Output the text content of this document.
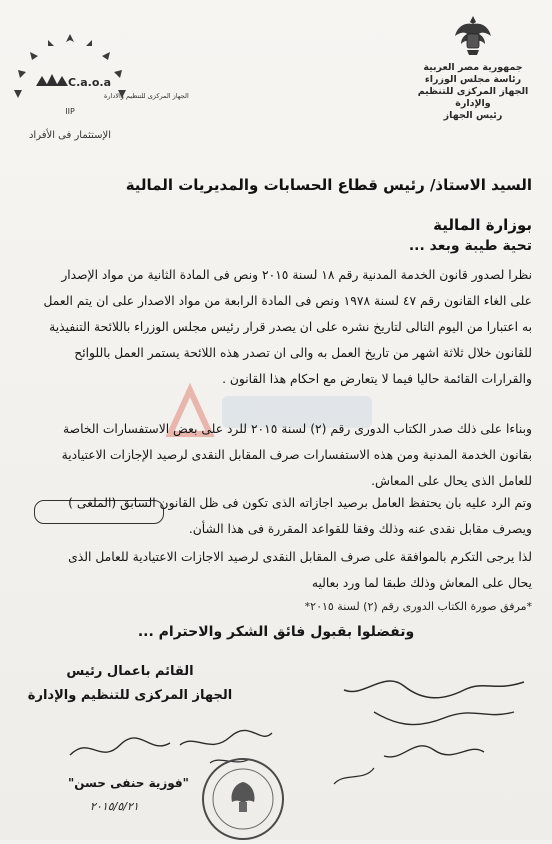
جمهورية مصر العربية
رئاسة مجلس الوزراء
الجهاز المركزى للتنظيم والإدارة
رئيس الجهاز
C.a.o.a
الجهاز المركزى للتنظيم والادارة
IIP
الإستثمار فى الأفراد
السيد الاستاذ/ رئيس قطاع الحسابات والمديريات المالية
بوزارة المالية
تحية طيبة وبعد ...
نظرا لصدور قانون الخدمة المدنية رقم ١٨ لسنة ٢٠١٥ ونص فى المادة الثانية من مواد الإصدار
على الغاء القانون رقم ٤٧ لسنة ١٩٧٨ ونص فى المادة الرابعة من مواد الاصدار على ان يتم العمل
به اعتبارا من اليوم التالى لتاريخ نشره على ان يصدر قرار رئيس مجلس الوزراء باللائحة التنفيذية
للقانون خلال ثلاثة اشهر من تاريخ العمل به والى ان تصدر هذه اللائحة يستمر العمل باللوائح
والقرارات القائمة حاليا فيما لا يتعارض مع احكام هذا القانون .
وبناءا على ذلك صدر الكتاب الدورى رقم (٢) لسنة ٢٠١٥ للرد على بعض الاستفسارات الخاصة
بقانون الخدمة المدنية ومن هذه الاستفسارات صرف المقابل النقدى لرصيد الإجازات الاعتيادية
للعامل الذى يحال على المعاش.
وتم الرد عليه بان يحتفظ العامل برصيد اجازاته الذى تكون فى ظل القانون السابق (الملغى )
ويصرف مقابل نقدى عنه وذلك وفقا للقواعد المقررة فى هذا الشأن.
لذا يرجى التكرم بالموافقة على صرف المقابل النقدى لرصيد الاجازات الاعتيادية للعامل الذى
يحال على المعاش وذلك طبقا لما ورد بعاليه
*مرفق صورة الكتاب الدورى رقم (٢) لسنة ٢٠١٥*
وتفضلوا بقبول فائق الشكر والاحترام ...
القائم باعمال رئيس
الجهاز المركزى للتنظيم والإدارة
"فوزية حنفى حسن"
٢٠١٥/٥/٢١
